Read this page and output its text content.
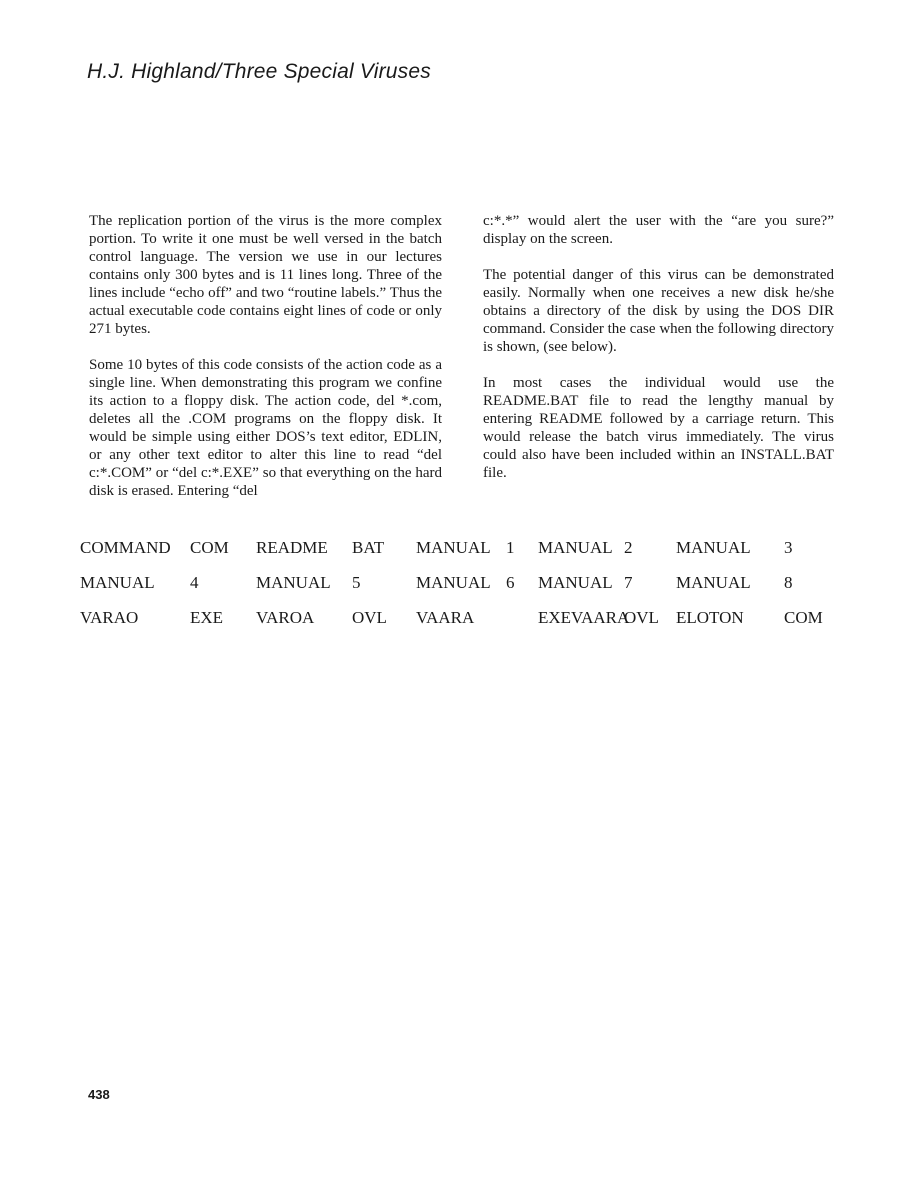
H.J. Highland/Three Special Viruses

The replication portion of the virus is the more complex portion. To write it one must be well versed in the batch control language. The version we use in our lectures contains only 300 bytes and is 11 lines long. Three of the lines include “echo off” and two “routine labels.” Thus the actual executable code contains eight lines of code or only 271 bytes.

Some 10 bytes of this code consists of the action code as a single line. When demonstrating this program we confine its action to a floppy disk. The action code, del *.com, deletes all the .COM programs on the floppy disk. It would be simple using either DOS’s text editor, EDLIN, or any other text editor to alter this line to read “del c:*.COM” or “del c:*.EXE” so that everything on the hard disk is erased. Entering “del

c:*.*” would alert the user with the “are you sure?” display on the screen.

The potential danger of this virus can be demonstrated easily. Normally when one receives a new disk he/she obtains a directory of the disk by using the DOS DIR command. Consider the case when the following directory is shown, (see below).

In most cases the individual would use the README.BAT file to read the lengthy manual by entering README followed by a carriage return. This would release the batch virus immediately. The virus could also have been included within an INSTALL.BAT file.

COMMAND	COM	README	BAT	MANUAL	1	MANUAL	2	MANUAL	3
MANUAL	4	MANUAL	5	MANUAL	6	MANUAL	7	MANUAL	8
VARAO	EXE	VAROA	OVL	VAARA		EXEVAARA	OVL	ELOTON	COM
438
